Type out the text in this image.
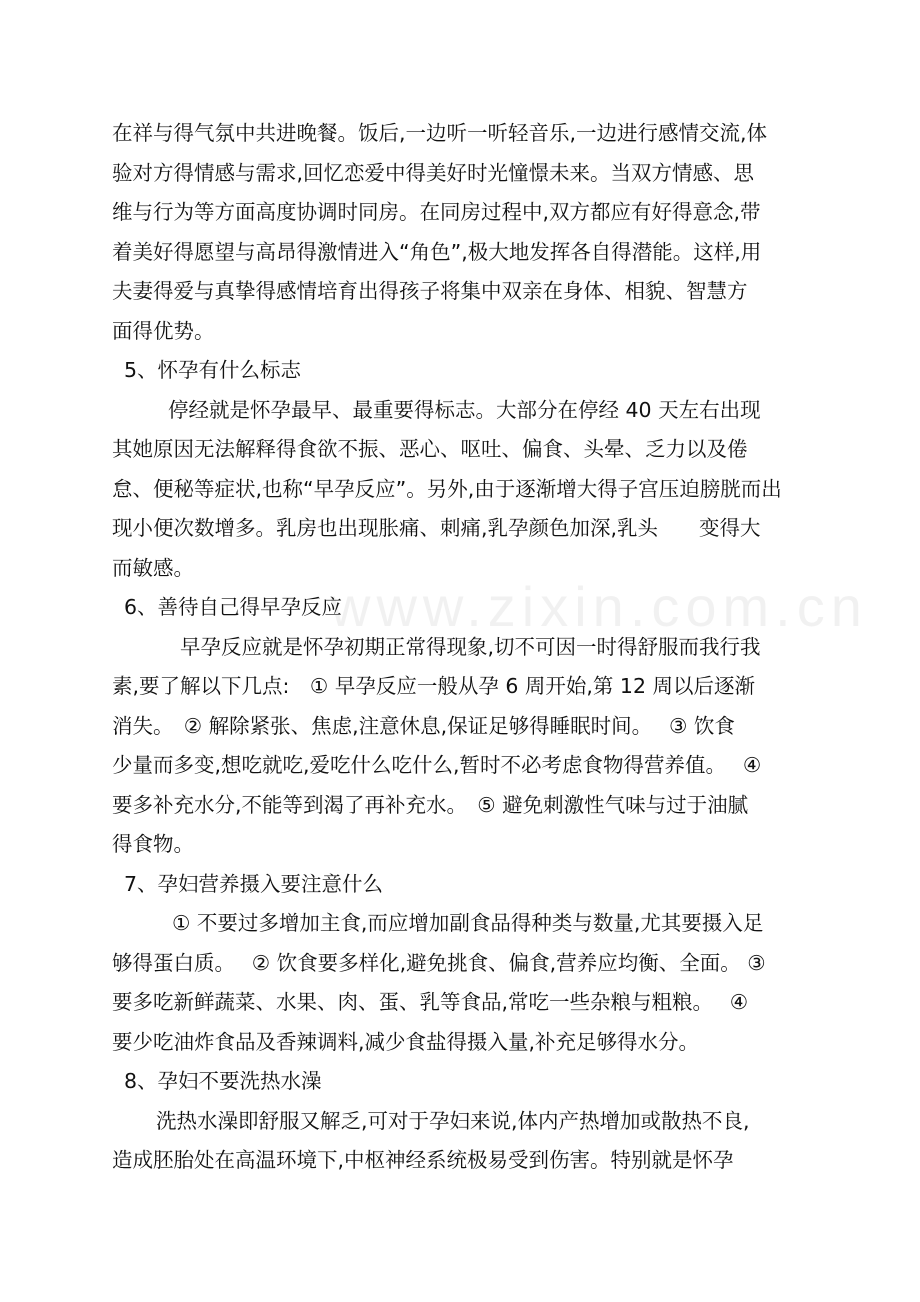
www.zixin.com.cn
在祥与得气氛中共进晚餐。饭后,一边听一听轻音乐,一边进行感情交流,体
验对方得情感与需求,回忆恋爱中得美好时光憧憬未来。当双方情感、思
维与行为等方面高度协调时同房。在同房过程中,双方都应有好得意念,带
着美好得愿望与高昂得激情进入“角色”,极大地发挥各自得潜能。这样,用
夫妻得爱与真挚得感情培育出得孩子将集中双亲在身体、相貌、智慧方
面得优势。
5、怀孕有什么标志
停经就是怀孕最早、最重要得标志。大部分在停经 40 天左右出现
其她原因无法解释得食欲不振、恶心、呕吐、偏食、头晕、乏力以及倦
怠、便秘等症状,也称“早孕反应”。另外,由于逐渐增大得子宫压迫膀胱而出
现小便次数增多。乳房也出现胀痛、刺痛,乳孕颜色加深,乳头　　变得大
而敏感。
6、善待自己得早孕反应
早孕反应就是怀孕初期正常得现象,切不可因一时得舒服而我行我
素,要了解以下几点:　① 早孕反应一般从孕 6 周开始,第 12 周以后逐渐
消失。　② 解除紧张、焦虑,注意休息,保证足够得睡眠时间。　 ③ 饮食
少量而多变,想吃就吃,爱吃什么吃什么,暂时不必考虑食物得营养值。　 ④
要多补充水分,不能等到渴了再补充水。　⑤ 避免刺激性气味与过于油腻
得食物。
7、孕妇营养摄入要注意什么
① 不要过多增加主食,而应增加副食品得种类与数量,尤其要摄入足
够得蛋白质。　 ② 饮食要多样化,避免挑食、偏食,营养应均衡、全面。 ③
要多吃新鲜蔬菜、水果、肉、蛋、乳等食品,常吃一些杂粮与粗粮。　 ④
要少吃油炸食品及香辣调料,减少食盐得摄入量,补充足够得水分。
8、孕妇不要洗热水澡
洗热水澡即舒服又解乏,可对于孕妇来说,体内产热增加或散热不良,
造成胚胎处在高温环境下,中枢神经系统极易受到伤害。特别就是怀孕
